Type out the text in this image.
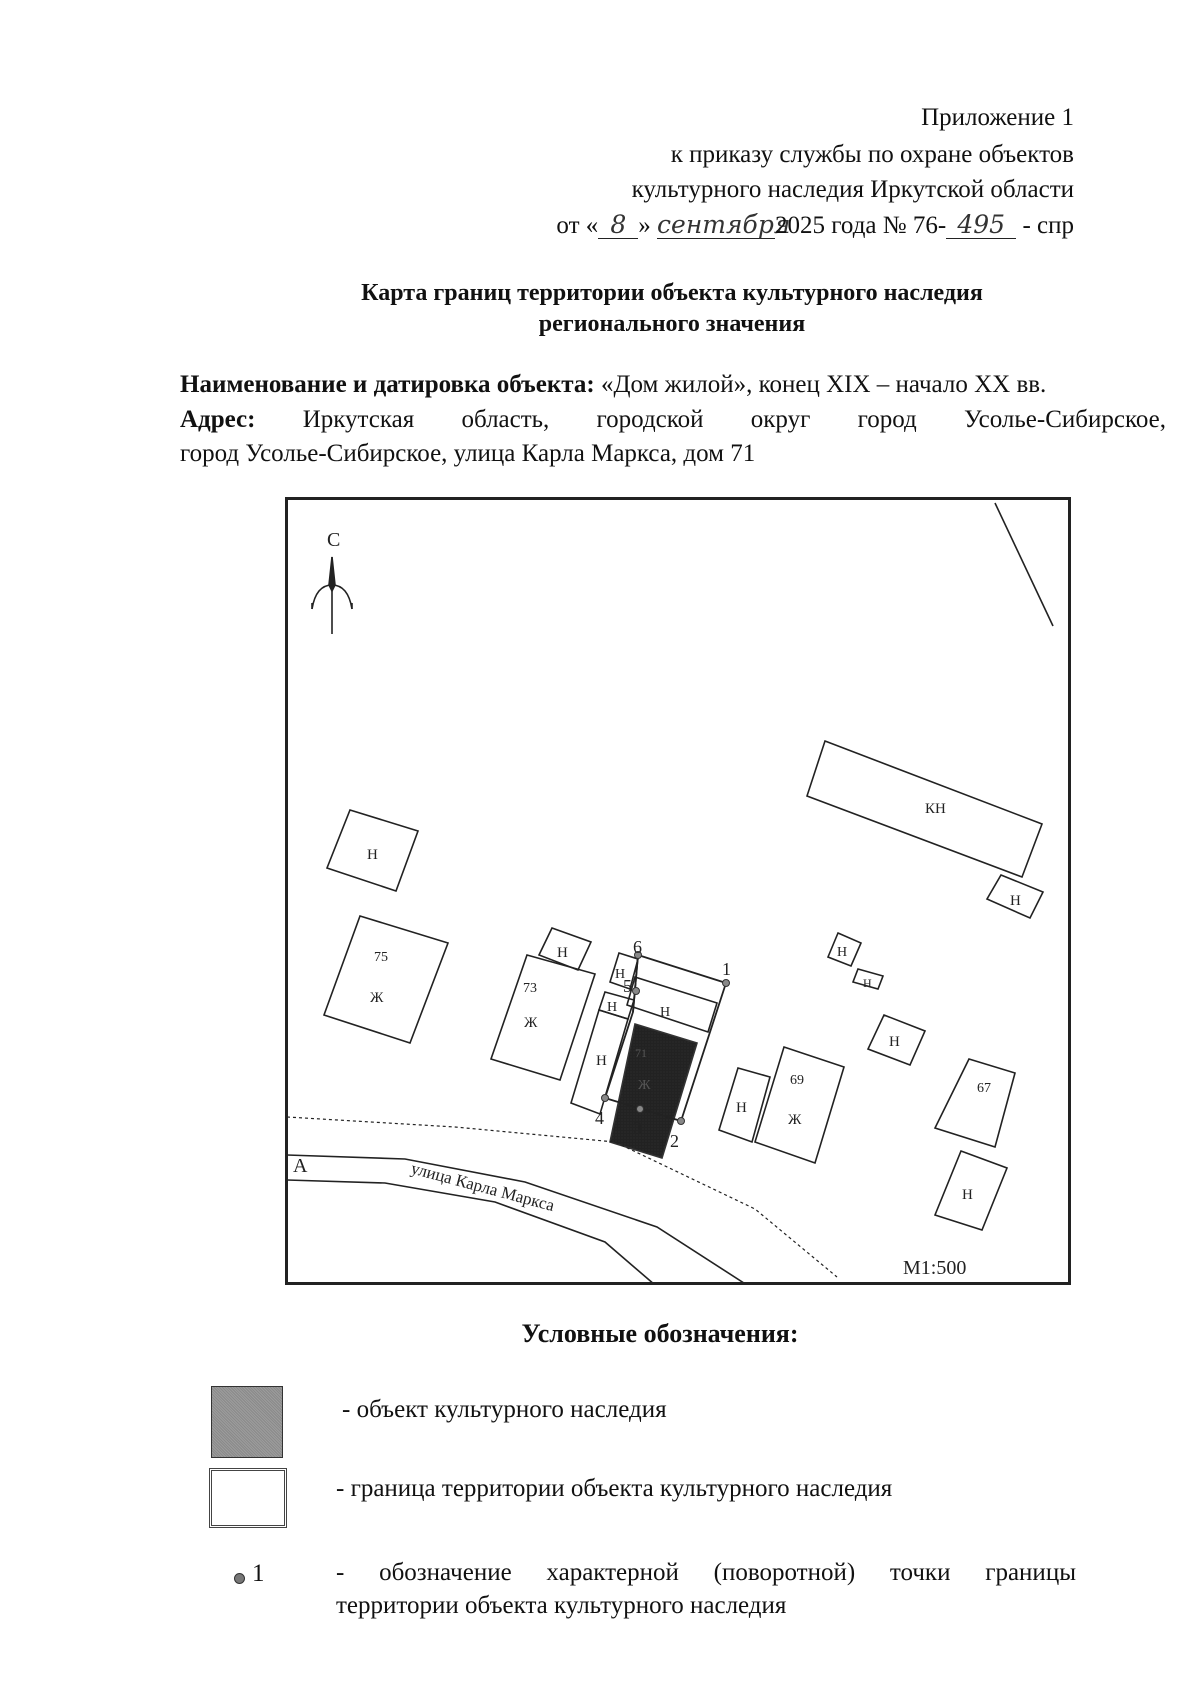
Приложение 1
к приказу службы по охране объектов
культурного наследия Иркутской области
от « 8 » сентября2025 года № 76- 495 - спр
Карта границ территории объекта культурного наследия
регионального значения
Наименование и датировка объекта: «Дом жилой», конец XIX – начало XX вв.
Адрес: Иркутская область, городской округ город Усолье-Сибирское,
город Усолье-Сибирское, улица Карла Маркса, дом 71
С
КН
Н
Н
75
Ж
Н
73
Ж
Н
Н
Н
Н
71
Ж
1
2
3
4
5
6	Н
Н
Н
Н
69
Ж
67
Н
А	улица Карла Маркса
М1:500
Условные обозначения:
- объект культурного наследия
- граница территории объекта культурного наследия
1	- обозначение характерной (поворотной) точки границы
территории объекта культурного наследия
